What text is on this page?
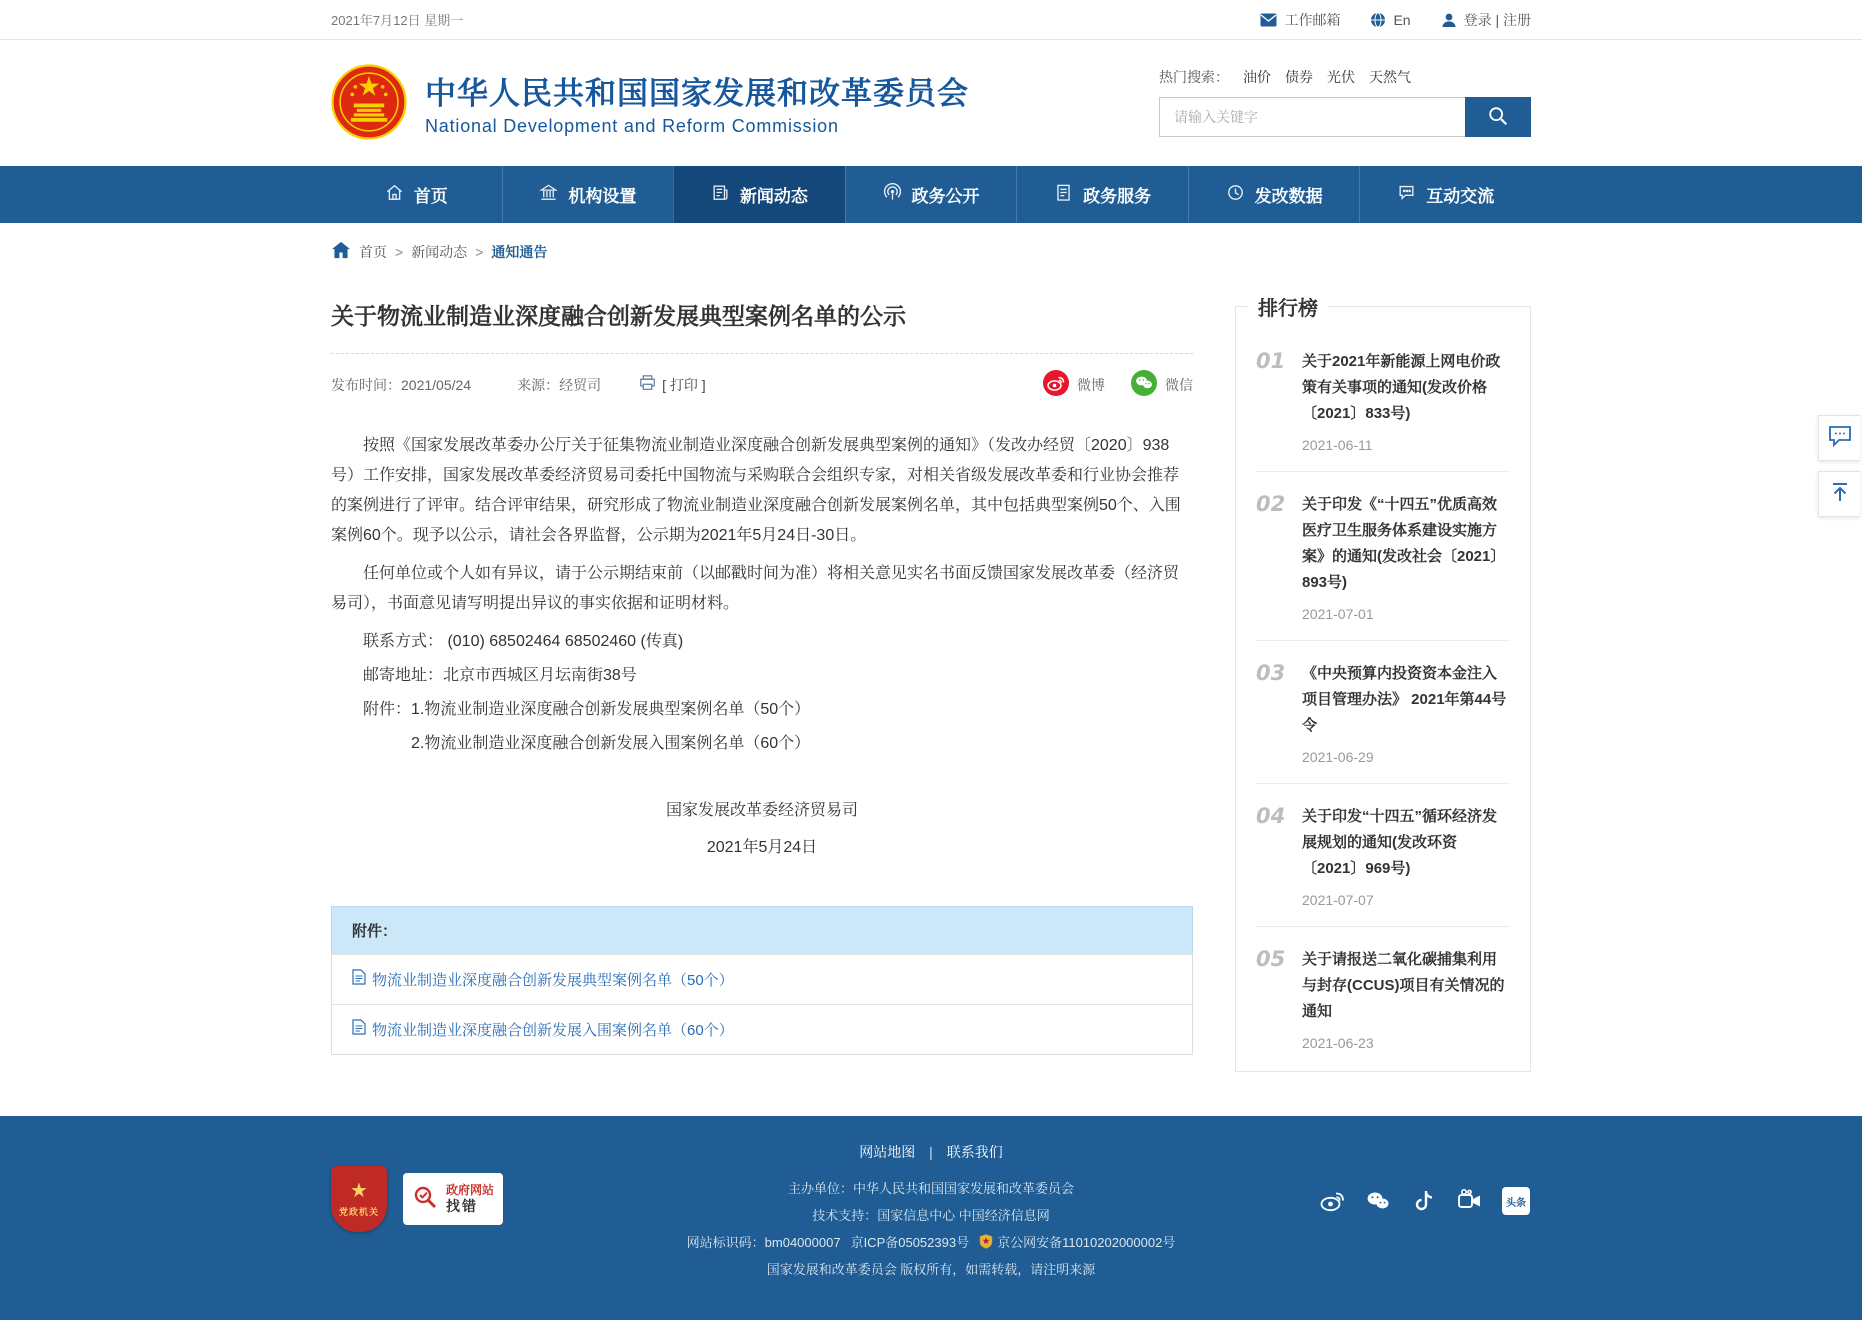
2021年7月12日 星期一	工作邮箱	En	登录 | 注册
中华人民共和国国家发展和改革委员会
National Development and Reform Commission
热门搜索： 油价 债券 光伏 天然气
请输入关键字
首页	机构设置	新闻动态	政务公开	政务服务	发改数据	互动交流
首页 > 新闻动态 > 通知通告
关于物流业制造业深度融合创新发展典型案例名单的公示
发布时间：2021/05/24	来源：经贸司	[ 打印 ]	微博	微信

按照《国家发展改革委办公厅关于征集物流业制造业深度融合创新发展典型案例的通知》（发改办经贸〔2020〕938号）工作安排，国家发展改革委经济贸易司委托中国物流与采购联合会组织专家，对相关省级发展改革委和行业协会推荐的案例进行了评审。结合评审结果，研究形成了物流业制造业深度融合创新发展案例名单，其中包括典型案例50个、入围案例60个。现予以公示，请社会各界监督，公示期为2021年5月24日-30日。

任何单位或个人如有异议，请于公示期结束前（以邮戳时间为准）将相关意见实名书面反馈国家发展改革委（经济贸易司），书面意见请写明提出异议的事实依据和证明材料。

联系方式： (010) 68502464 68502460 (传真)
邮寄地址：北京市西城区月坛南街38号
附件：1.物流业制造业深度融合创新发展典型案例名单（50个）
2.物流业制造业深度融合创新发展入围案例名单（60个）
国家发展改革委经济贸易司
2021年5月24日
附件：
物流业制造业深度融合创新发展典型案例名单（50个）
物流业制造业深度融合创新发展入围案例名单（60个）
排行榜
01	关于2021年新能源上网电价政策有关事项的通知(发改价格〔2021〕833号)
2021-06-11
02	关于印发《“十四五”优质高效医疗卫生服务体系建设实施方案》的通知(发改社会〔2021〕893号)
2021-07-01
03	《中央预算内投资资本金注入项目管理办法》 2021年第44号令
2021-06-29
04	关于印发“十四五”循环经济发展规划的通知(发改环资〔2021〕969号)
2021-07-07
05	关于请报送二氧化碳捕集利用与封存(CCUS)项目有关情况的通知
2021-06-23
★
党政机关
政府网站
找错
网站地图 | 联系我们
主办单位：中华人民共和国国家发展和改革委员会
技术支持：国家信息中心 中国经济信息网
网站标识码：bm04000007 京ICP备05052393号 京公网安备11010202000002号
国家发展和改革委员会 版权所有，如需转载，请注明来源
头条
